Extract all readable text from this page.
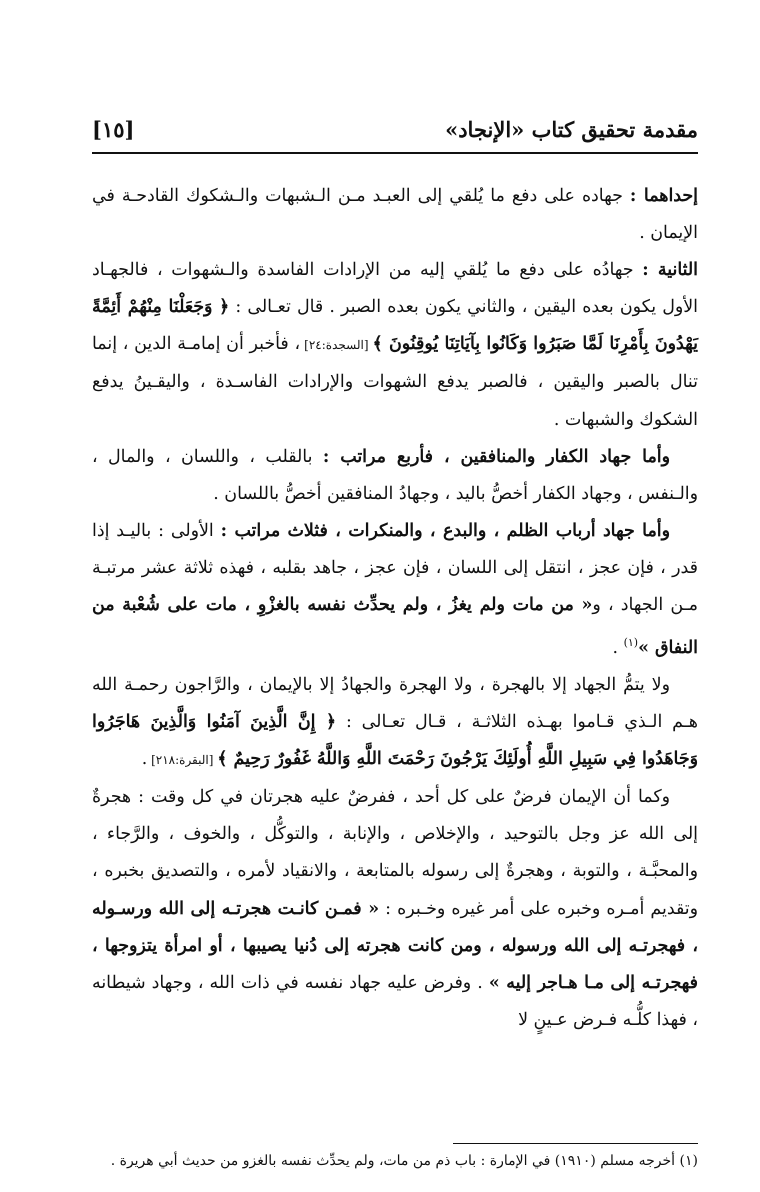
مقدمة تحقيق كتاب «الإنجاد»
[١٥]

إحداهما : جهاده على دفع ما يُلقي إلى العبـد مـن الـشبهات والـشكوك القادحـة في الإيمان .

الثانية : جهادُه على دفع ما يُلقي إليه من الإرادات الفاسدة والـشهوات ، فالجهـاد الأول يكون بعده اليقين ، والثاني يكون بعده الصبر . قال تعـالى : ﴿ وَجَعَلْنَا مِنْهُمْ أَئِمَّةً يَهْدُونَ بِأَمْرِنَا لَمَّا صَبَرُوا وَكَانُوا بِآيَاتِنَا يُوقِنُونَ ﴾ [السجدة:٢٤] ، فأخبر أن إمامـة الدين ، إنما تنال بالصبر واليقين ، فالصبر يدفع الشهوات والإرادات الفاسـدة ، واليقـينُ يدفع الشكوك والشبهات .

وأما جهاد الكفار والمنافقين ، فأربع مراتب : بالقلب ، واللسان ، والمال ، والـنفس ، وجهاد الكفار أخصُّ باليد ، وجهادُ المنافقين أخصُّ باللسان .

وأما جهاد أرباب الظلم ، والبدع ، والمنكرات ، فثلاث مراتب : الأولى : باليـد إذا قدر ، فإن عجز ، انتقل إلى اللسان ، فإن عجز ، جاهد بقلبه ، فهذه ثلاثة عشر مرتبـة مـن الجهاد ، و« من مات ولم يغزُ ، ولم يحدِّث نفسه بالغزْوِ ، مات على شُعْبة من النفاق »$^{(١)}$ .

ولا يتمُّ الجهاد إلا بالهجرة ، ولا الهجرة والجهادُ إلا بالإيمان ، والرَّاجون رحمـة الله هـم الـذي قـاموا بهـذه الثلاثـة ، قـال تعـالى : ﴿ إِنَّ الَّذِينَ آمَنُوا وَالَّذِينَ هَاجَرُوا وَجَاهَدُوا فِي سَبِيلِ اللَّهِ أُولَئِكَ يَرْجُونَ رَحْمَتَ اللَّهِ وَاللَّهُ غَفُورٌ رَحِيمٌ ﴾ [البقرة:٢١٨] .

وكما أن الإيمان فرضٌ على كل أحد ، ففرضٌ عليه هجرتان في كل وقت : هجرةٌ إلى الله عز وجل بالتوحيد ، والإخلاص ، والإنابة ، والتوكُّل ، والخوف ، والرَّجاء ، والمحبَّـة ، والتوبة ، وهجرةٌ إلى رسوله بالمتابعة ، والانقياد لأمره ، والتصديق بخبره ، وتقديم أمـره وخبره على أمر غيره وخـبره : « فمـن كانـت هجرتـه إلى الله ورسـوله ، فهجرتـه إلى الله ورسوله ، ومن كانت هجرته إلى دُنيا يصيبها ، أو امرأة يتزوجها ، فهجرتـه إلى مـا هـاجر إليه » . وفرض عليه جهاد نفسه في ذات الله ، وجهاد شيطانه ، فهذا كلُّـه فـرض عـينٍ لا

(١) أخرجه مسلم (١٩١٠) في الإمارة : باب ذم من مات، ولم يحدِّث نفسه بالغزو من حديث أبي هريرة .
